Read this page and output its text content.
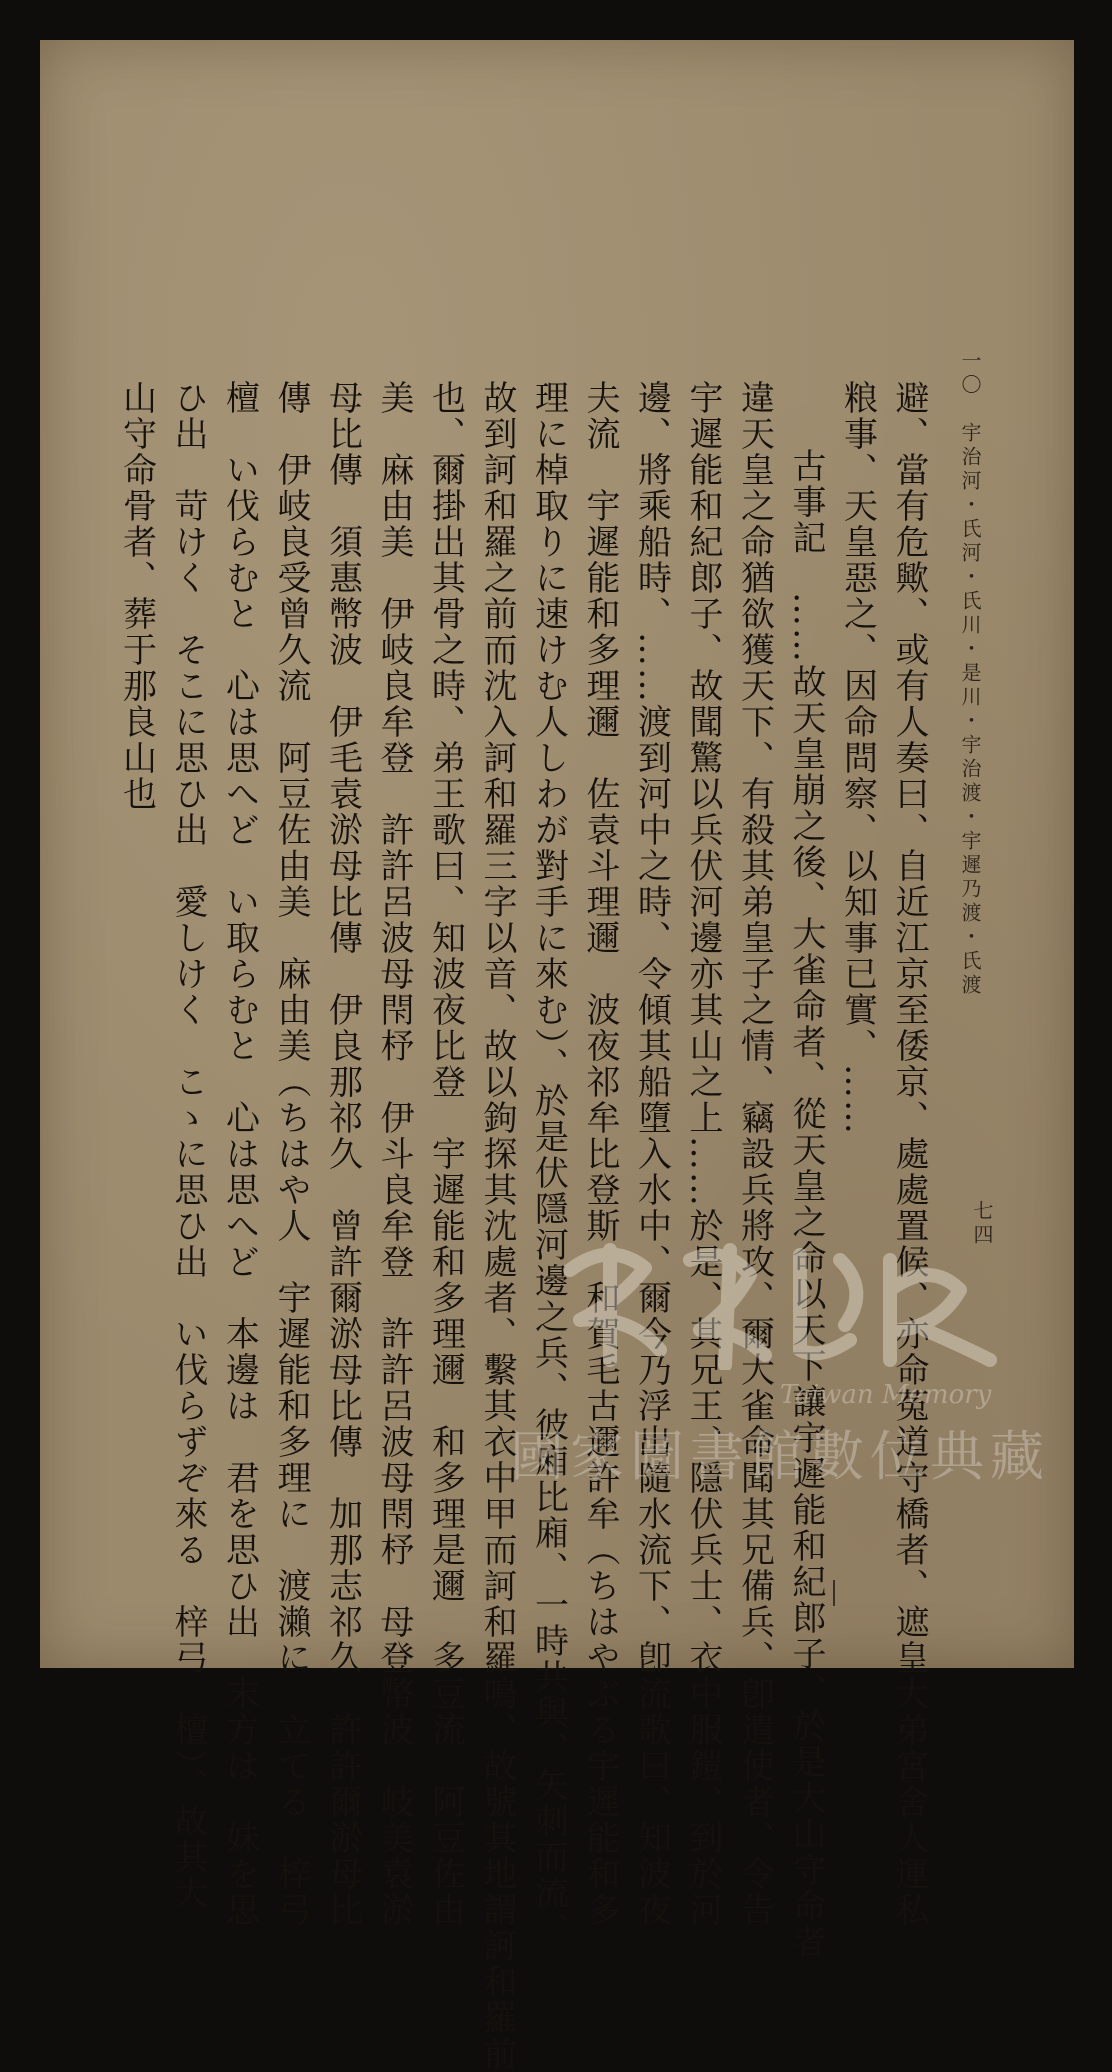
一〇　宇治河・氏河・氏川・是川・宇治渡・宇遲乃渡・氏渡
七四
避、當有危歟、或有人奏曰、自近江京至倭京、處處置候、亦命菟道守橋者、遮皇大弟宮舍人運私
粮事、天皇惡之、因命問察、以知事已實、……
古事記　……故天皇崩之後、大雀命者、從天皇之命以天下讓宇遲能和紀郎子、於是大山守命者
違天皇之命猶欲獲天下、有殺其弟皇子之情、竊設兵將攻、爾大雀命聞其兄備兵、卽遣使者、令告
宇遲能和紀郎子、故聞驚以兵伏河邊亦其山之上……於是、其兄王、隱伏兵士、衣中服鎧、到於河
邊、將乘船時、……渡到河中之時、令傾其船墮入水中、爾今乃浮出隨水流下、卽流歌曰、知波夜
夫流　宇遲能和多理邇　佐袁斗理邇　波夜祁牟比登斯　和賀毛古邇許牟（ちはやぶる宇遲能和多
理に棹取りに速けむ人しわが對手に來む）、於是伏隱河邊之兵、彼廂比廂、一時共與、矢刺而流、
故到訶和羅之前而沈入訶和羅三字以音、故以鉤探其沈處者、繫其衣中甲而訶和羅鳴、故號其地謂訶和羅前
也、爾掛出其骨之時、弟王歌曰、知波夜比登　宇遲能和多理邇　和多理是邇　多豆流　阿豆佐由
美　麻由美　伊岐良牟登　許許呂波母閇杼　伊斗良牟登　許許呂波母閇杼　母登幣波　岐美袁淤
母比傳　須惠幣波　伊毛袁淤母比傳　伊良那祁久　曾許爾淤母比傳　加那志祁久　許許爾淤母比
傳　伊岐良受曾久流　阿豆佐由美　麻由美（ちはや人　宇遲能和多理に　渡瀨に　立てる　梓弓
檀　い伐らむと　心は思へど　い取らむと　心は思へど　本邊は　君を思ひ出　末方は　妹を思
ひ出　苛けく　そこに思ひ出　愛しけく　こゝに思ひ出　い伐らずぞ來る　梓弓　檀）、故其大
山守命骨者、葬于那良山也
Taiwan Memory
國家圖書館數位典藏
